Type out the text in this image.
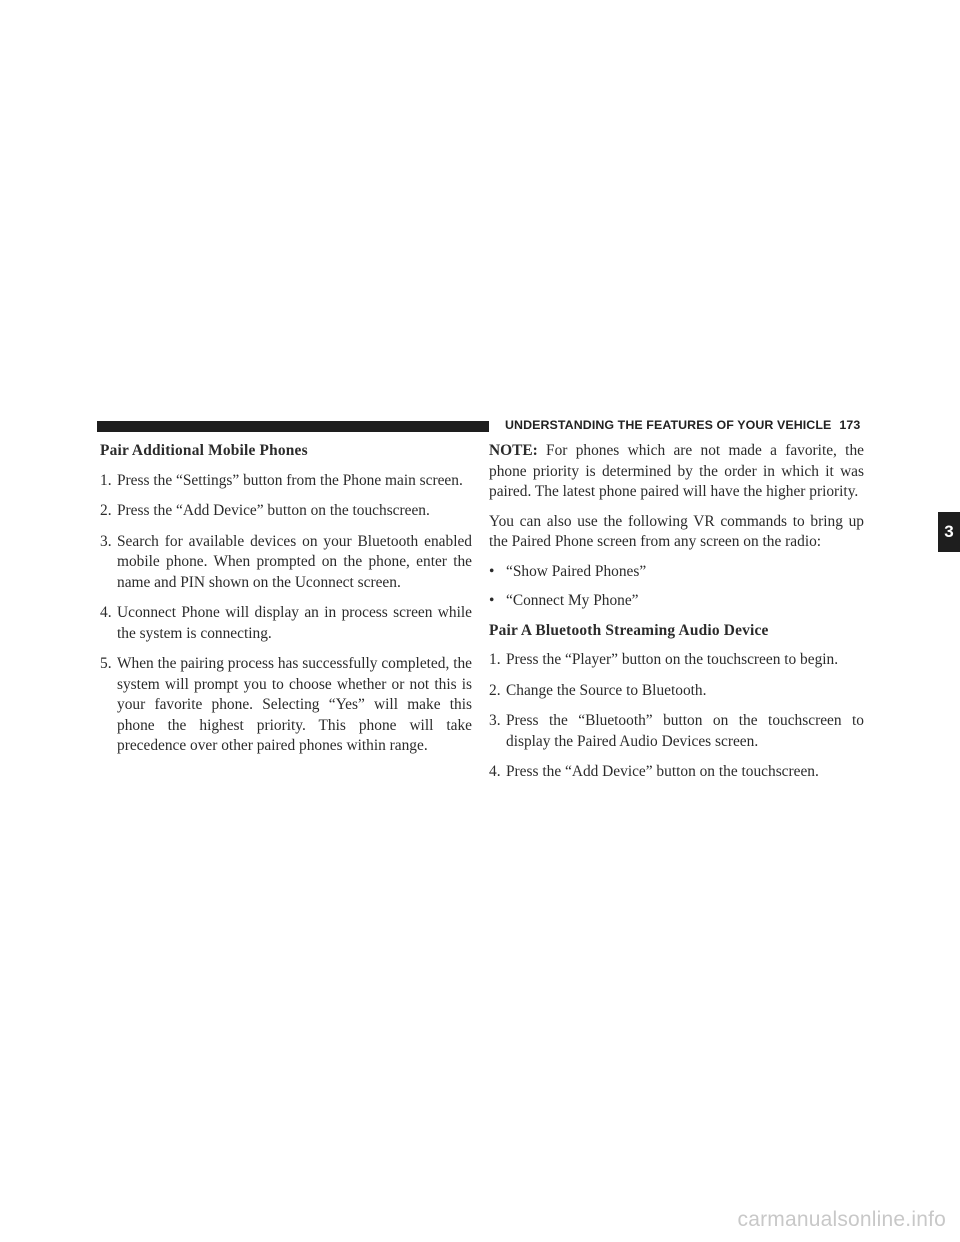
UNDERSTANDING THE FEATURES OF YOUR VEHICLE 173
3

Pair Additional Mobile Phones

1. Press the “Settings” button from the Phone main screen.

2. Press the “Add Device” button on the touchscreen.

3. Search for available devices on your Bluetooth enabled mobile phone. When prompted on the phone, enter the name and PIN shown on the Uconnect screen.

4. Uconnect Phone will display an in process screen while the system is connecting.

5. When the pairing process has successfully completed, the system will prompt you to choose whether or not this is your favorite phone. Selecting “Yes” will make this phone the highest priority. This phone will take precedence over other paired phones within range.

NOTE: For phones which are not made a favorite, the phone priority is determined by the order in which it was paired. The latest phone paired will have the higher priority.

You can also use the following VR commands to bring up the Paired Phone screen from any screen on the radio:

• “Show Paired Phones”

• “Connect My Phone”

Pair A Bluetooth Streaming Audio Device

1. Press the “Player” button on the touchscreen to begin.

2. Change the Source to Bluetooth.

3. Press the “Bluetooth” button on the touchscreen to display the Paired Audio Devices screen.

4. Press the “Add Device” button on the touchscreen.

carmanualsonline.info
